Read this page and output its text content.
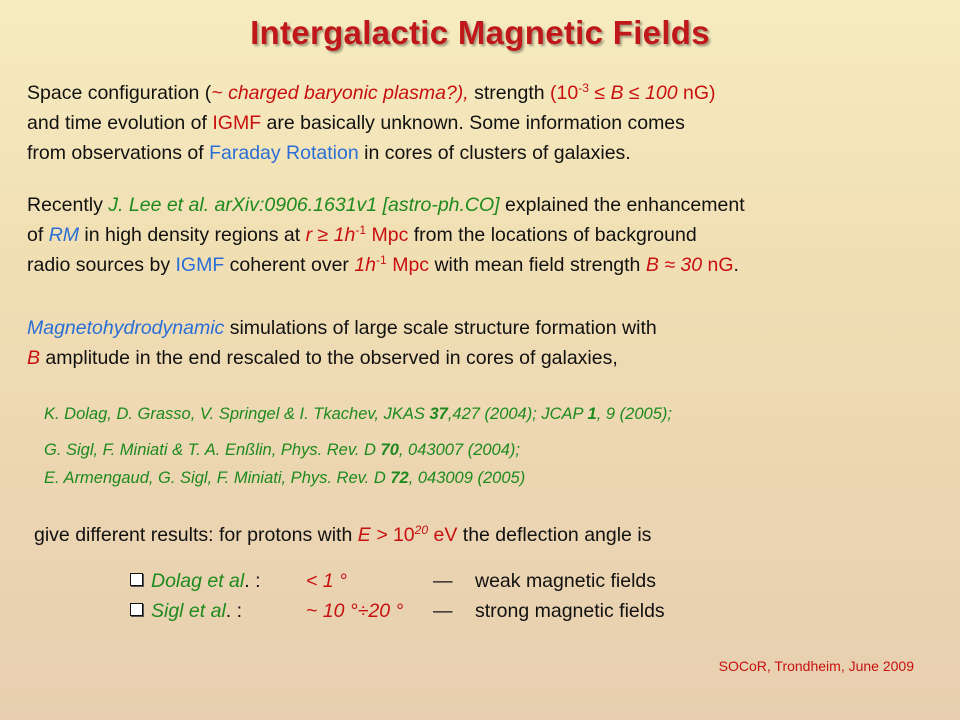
Intergalactic Magnetic Fields
Space configuration (~ charged baryonic plasma?), strength ($10^{-3} \le B \le 100$ nG)
and time evolution of IGMF are basically unknown. Some information comes
from observations of Faraday Rotation in cores of clusters of galaxies.
Recently J. Lee et al. arXiv:0906.1631v1 [astro-ph.CO] explained the enhancement
of RM in high density regions at $r \ge 1h^{-1}$ Mpc from the locations of background
radio sources by IGMF coherent over $1h^{-1}$ Mpc with mean field strength B ≈ 30 nG.
Magnetohydrodynamic simulations of large scale structure formation with
B amplitude in the end rescaled to the observed in cores of galaxies,
K. Dolag, D. Grasso, V. Springel & I. Tkachev, JKAS 37,427 (2004); JCAP 1, 9 (2005);
G. Sigl, F. Miniati & T. A. Enßlin, Phys. Rev. D 70, 043007 (2004);
E. Armengaud, G. Sigl, F. Miniati, Phys. Rev. D 72, 043009 (2005)
give different results: for protons with $E > 10^{20}$ eV the deflection angle is
Dolag et al. : < 1 °	— weak magnetic fields
Sigl et al. :	~ 10 °÷20 ° — strong magnetic fields
SOCoR, Trondheim, June 2009
